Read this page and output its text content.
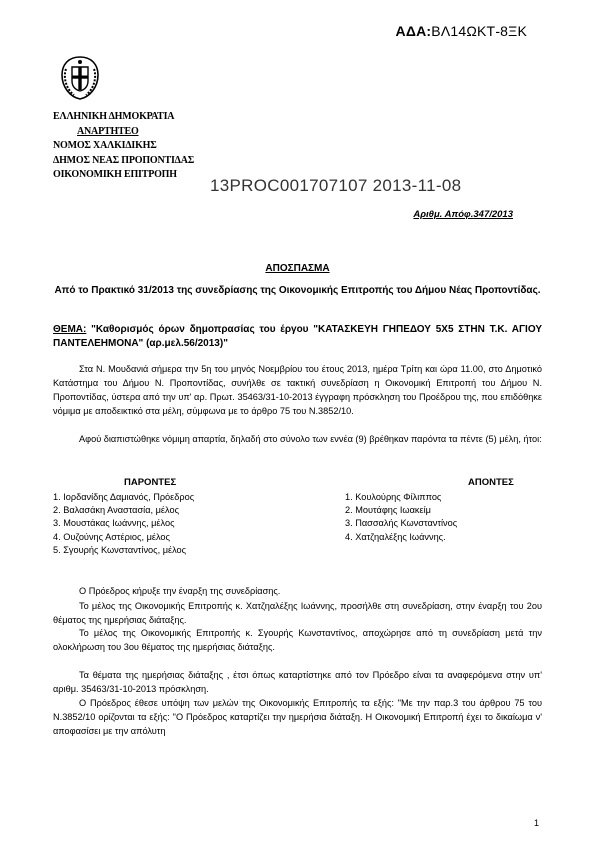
ΑΔΑ:ΒΛ14ΩΚΤ-8ΞΚ
ΕΛΛΗΝΙΚΗ ΔΗΜΟΚΡΑΤΙΑ
ΑΝΑΡΤΗΤΕΟ
ΝΟΜΟΣ ΧΑΛΚΙΔΙΚΗΣ
ΔΗΜΟΣ ΝΕΑΣ ΠΡΟΠΟΝΤΙΔΑΣ
ΟΙΚΟΝΟΜΙΚΗ ΕΠΙΤΡΟΠΗ
13PROC001707107 2013-11-08
Αριθμ. Απόφ.347/2013
ΑΠΟΣΠΑΣΜΑ
Από το Πρακτικό 31/2013 της συνεδρίασης της Οικονομικής Επιτροπής του Δήμου Νέας Προποντίδας.
ΘΕΜΑ: "Καθορισμός όρων δημοπρασίας του έργου "ΚΑΤΑΣΚΕΥΗ ΓΗΠΕΔΟΥ 5Χ5 ΣΤΗΝ Τ.Κ. ΑΓΙΟΥ ΠΑΝΤΕΛΕΗΜΟΝΑ" (αρ.μελ.56/2013)"

Στα Ν. Μουδανιά σήμερα την 5η του μηνός Νοεμβρίου του έτους 2013, ημέρα Τρίτη και ώρα 11.00, στο Δημοτικό Κατάστημα του Δήμου Ν. Προποντίδας, συνήλθε σε τακτική συνεδρίαση η Οικονομική Επιτροπή του Δήμου Ν. Προποντίδας, ύστερα από την υπ' αρ. Πρωτ. 35463/31-10-2013 έγγραφη πρόσκληση του Προέδρου της, που επιδόθηκε νόμιμα με αποδεικτικό στα μέλη, σύμφωνα με το άρθρο 75 του Ν.3852/10.

Αφού διαπιστώθηκε νόμιμη απαρτία, δηλαδή στο σύνολο των εννέα (9) βρέθηκαν παρόντα τα πέντε (5) μέλη, ήτοι:

ΠΑΡΟΝΤΕΣ	ΑΠΟΝΤΕΣ
1. Ιορδανίδης Δαμιανός, Πρόεδρος
2. Βαλασάκη Αναστασία, μέλος
3. Μουστάκας Ιωάννης, μέλος
4. Ουζούνης Αστέριος, μέλος
5. Σγουρής Κωνσταντίνος, μέλος
1. Κουλούρης Φίλιππος
2. Μουτάφης Ιωακείμ
3. Πασσαλής Κωνσταντίνος
4. Χατζηαλέξης Ιωάννης.

Ο Πρόεδρος κήρυξε την έναρξη της συνεδρίασης.

Το μέλος της Οικονομικής Επιτροπής κ. Χατζηαλέξης Ιωάννης, προσήλθε στη συνεδρίαση, στην έναρξη του 2ου θέματος της ημερήσιας διάταξης.

Το μέλος της Οικονομικής Επιτροπής κ. Σγουρής Κωνσταντίνος, αποχώρησε από τη συνεδρίαση μετά την ολοκλήρωση του 3ου θέματος της ημερήσιας διάταξης.

Τα θέματα της ημερήσιας διάταξης , έτσι όπως καταρτίστηκε από τον Πρόεδρο είναι τα αναφερόμενα στην υπ' αριθμ. 35463/31-10-2013 πρόσκληση.

Ο Πρόεδρος έθεσε υπόψη των μελών της Οικονομικής Επιτροπής τα εξής: "Με την παρ.3 του άρθρου 75 του Ν.3852/10 ορίζονται τα εξής: "Ο Πρόεδρος καταρτίζει την ημερήσια διάταξη. Η Οικονομική Επιτροπή έχει το δικαίωμα ν' αποφασίσει με την απόλυτη

1
